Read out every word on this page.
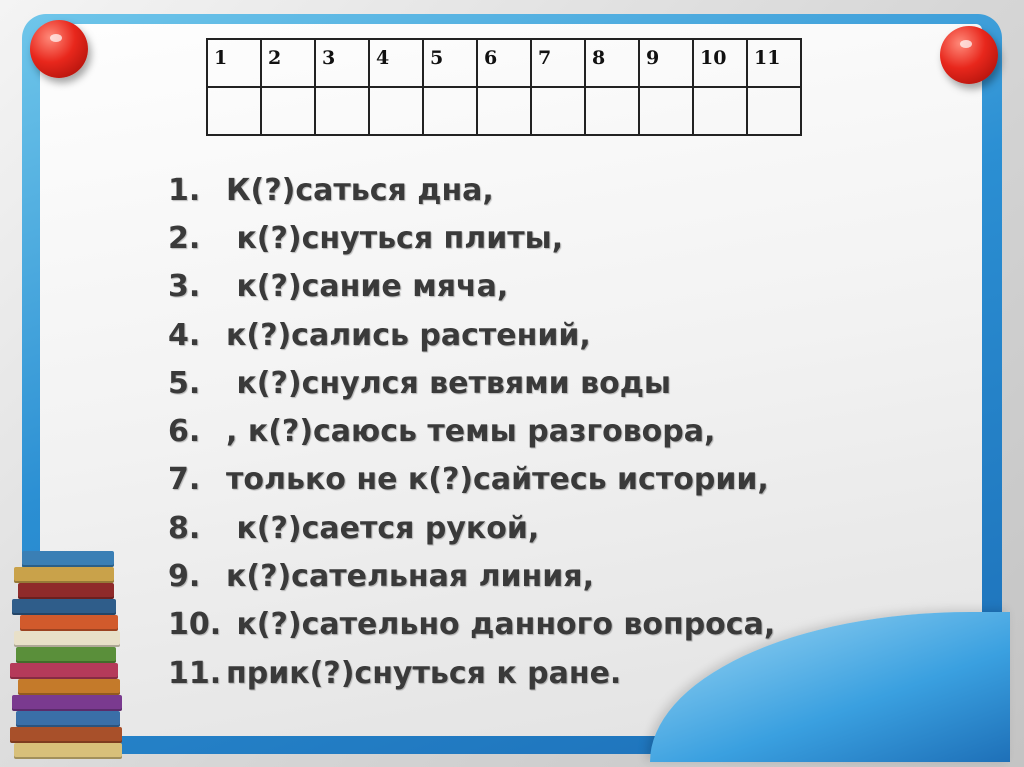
1	2	3	4	5	6	7	8	9	10	11

1. К(?)саться дна,
2. к(?)снуться плиты,
3. к(?)сание мяча,
4. к(?)сались растений,
5. к(?)снулся ветвями воды
6. , к(?)саюсь темы разговора,
7. только не к(?)сайтесь истории,
8. к(?)сается рукой,
9. к(?)сательная линия,
10. к(?)сательно данного вопроса,
11. прик(?)снуться к ране.
